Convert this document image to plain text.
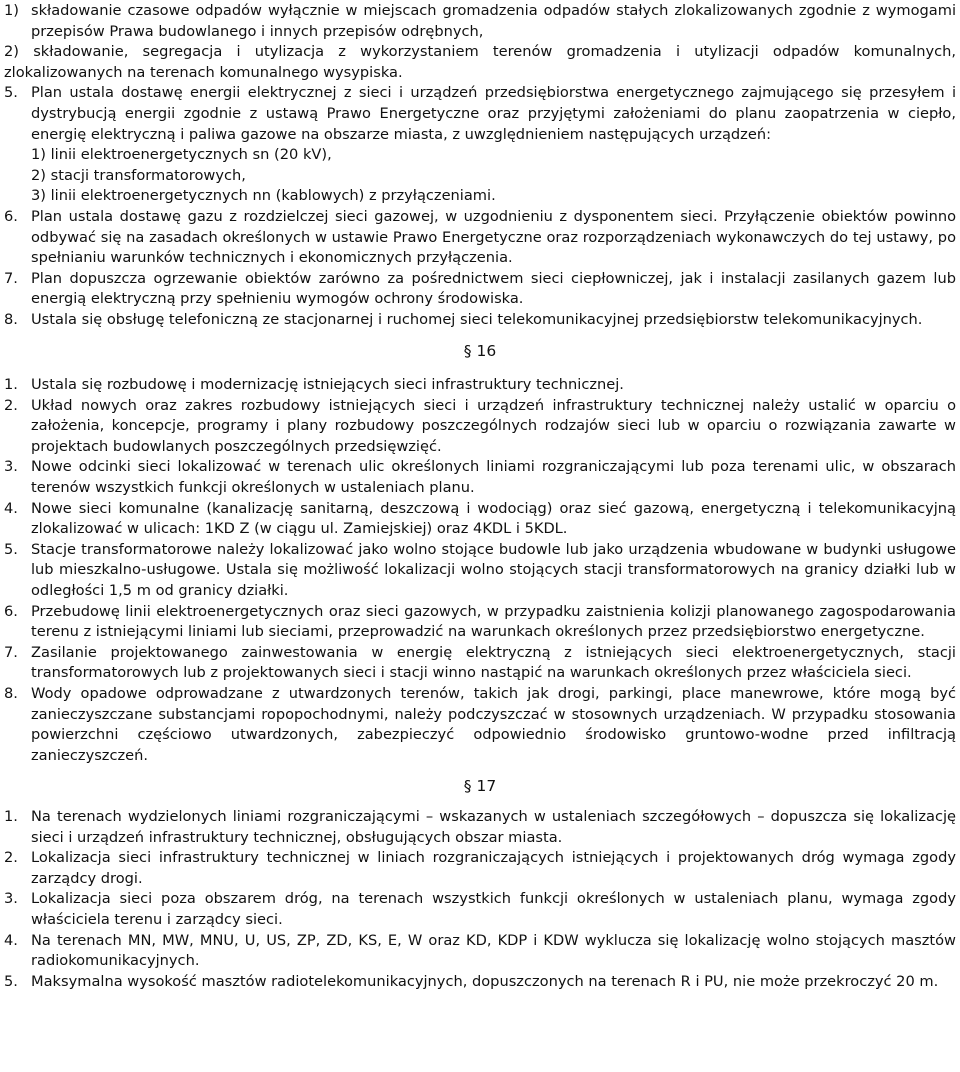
1) składowanie czasowe odpadów wyłącznie w miejscach gromadzenia odpadów stałych zlokalizowanych zgodnie z wymogami przepisów Prawa budowlanego i innych przepisów odrębnych,
2) składowanie, segregacja i utylizacja z wykorzystaniem terenów gromadzenia i utylizacji odpadów komunalnych, zlokalizowanych na terenach komunalnego wysypiska.
5. Plan ustala dostawę energii elektrycznej z sieci i urządzeń przedsiębiorstwa energetycznego zajmującego się przesyłem i dystrybucją energii zgodnie z ustawą Prawo Energetyczne oraz przyjętymi założeniami do planu zaopatrzenia w ciepło, energię elektryczną i paliwa gazowe na obszarze miasta, z uwzględnieniem następujących urządzeń:
1) linii elektroenergetycznych sn (20 kV),
2) stacji transformatorowych,
3) linii elektroenergetycznych nn (kablowych) z przyłączeniami.
6. Plan ustala dostawę gazu z rozdzielczej sieci gazowej, w uzgodnieniu z dysponentem sieci. Przyłączenie obiektów powinno odbywać się na zasadach określonych w ustawie Prawo Energetyczne oraz rozporządzeniach wykonawczych do tej ustawy, po spełnianiu warunków technicznych i ekonomicznych przyłączenia.
7. Plan dopuszcza ogrzewanie obiektów zarówno za pośrednictwem sieci ciepłowniczej, jak i instalacji zasilanych gazem lub energią elektryczną przy spełnieniu wymogów ochrony środowiska.
8. Ustala się obsługę telefoniczną ze stacjonarnej i ruchomej sieci telekomunikacyjnej przedsiębiorstw telekomunikacyjnych.
§ 16
1. Ustala się rozbudowę i modernizację istniejących sieci infrastruktury technicznej.
2. Układ nowych oraz zakres rozbudowy istniejących sieci i urządzeń infrastruktury technicznej należy ustalić w oparciu o założenia, koncepcje, programy i plany rozbudowy poszczególnych rodzajów sieci lub w oparciu o rozwiązania zawarte w projektach budowlanych poszczególnych przedsięwzięć.
3. Nowe odcinki sieci lokalizować w terenach ulic określonych liniami rozgraniczającymi lub poza terenami ulic, w obszarach terenów wszystkich funkcji określonych w ustaleniach planu.
4. Nowe sieci komunalne (kanalizację sanitarną, deszczową i wodociąg) oraz sieć gazową, energetyczną i telekomunikacyjną zlokalizować w ulicach: 1KD Z (w ciągu ul. Zamiejskiej) oraz 4KDL i 5KDL.
5. Stacje transformatorowe należy lokalizować jako wolno stojące budowle lub jako urządzenia wbudowane w budynki usługowe lub mieszkalno-usługowe. Ustala się możliwość lokalizacji wolno stojących stacji transformatorowych na granicy działki lub w odległości 1,5 m od granicy działki.
6. Przebudowę linii elektroenergetycznych oraz sieci gazowych, w przypadku zaistnienia kolizji planowanego zagospodarowania terenu z istniejącymi liniami lub sieciami, przeprowadzić na warunkach określonych przez przedsiębiorstwo energetyczne.
7. Zasilanie projektowanego zainwestowania w energię elektryczną z istniejących sieci elektroenergetycznych, stacji transformatorowych lub z projektowanych sieci i stacji winno nastąpić na warunkach określonych przez właściciela sieci.
8. Wody opadowe odprowadzane z utwardzonych terenów, takich jak drogi, parkingi, place manewrowe, które mogą być zanieczyszczane substancjami ropopochodnymi, należy podczyszczać w stosownych urządzeniach. W przypadku stosowania powierzchni częściowo utwardzonych, zabezpieczyć odpowiednio środowisko gruntowo-wodne przed infiltracją zanieczyszczeń.
§ 17
1. Na terenach wydzielonych liniami rozgraniczającymi – wskazanych w ustaleniach szczegółowych – dopuszcza się lokalizację sieci i urządzeń infrastruktury technicznej, obsługujących obszar miasta.
2. Lokalizacja sieci infrastruktury technicznej w liniach rozgraniczających istniejących i projektowanych dróg wymaga zgody zarządcy drogi.
3. Lokalizacja sieci poza obszarem dróg, na terenach wszystkich funkcji określonych w ustaleniach planu, wymaga zgody właściciela terenu i zarządcy sieci.
4. Na terenach MN, MW, MNU, U, US, ZP, ZD, KS, E, W oraz KD, KDP i KDW wyklucza się lokalizację wolno stojących masztów radiokomunikacyjnych.
5. Maksymalna wysokość masztów radiotelekomunikacyjnych, dopuszczonych na terenach R i PU, nie może przekroczyć 20 m.
